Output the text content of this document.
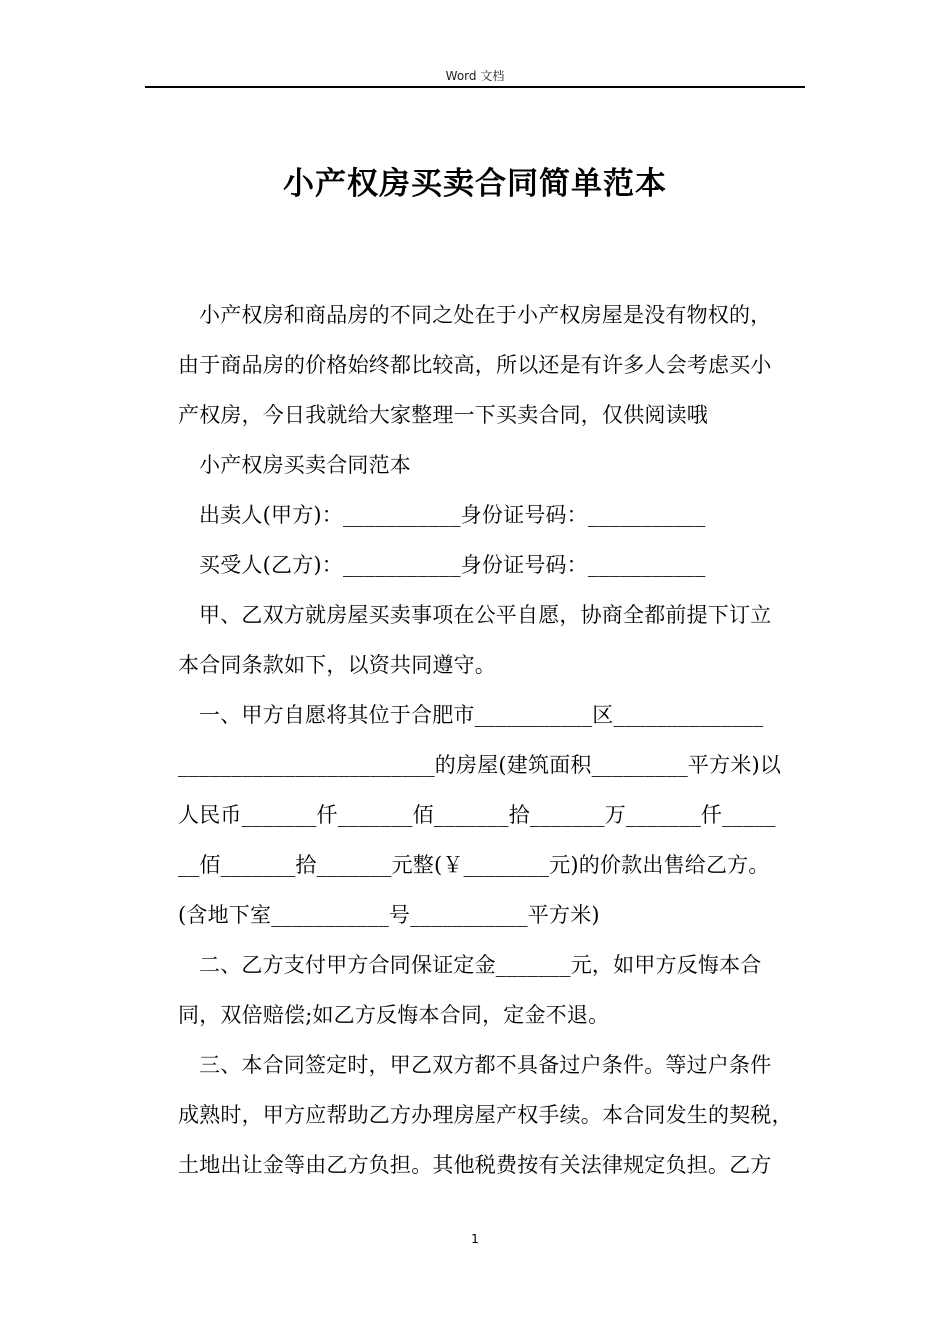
Word 文档
小产权房买卖合同简单范本
小产权房和商品房的不同之处在于小产权房屋是没有物权的，
由于商品房的价格始终都比较高，所以还是有许多人会考虑买小
产权房，今日我就给大家整理一下买卖合同，仅供阅读哦
小产权房买卖合同范本
出卖人(甲方)：___________身份证号码：___________
买受人(乙方)：___________身份证号码：___________
甲、乙双方就房屋买卖事项在公平自愿，协商全都前提下订立
本合同条款如下，以资共同遵守。
一、甲方自愿将其位于合肥市___________区______________
________________________的房屋(建筑面积_________平方米)以
人民币_______仟_______佰_______拾_______万_______仟_____
__佰_______拾_______元整(￥________元)的价款出售给乙方。
(含地下室___________号___________平方米)
二、乙方支付甲方合同保证定金_______元，如甲方反悔本合
同，双倍赔偿;如乙方反悔本合同，定金不退。
三、本合同签定时，甲乙双方都不具备过户条件。等过户条件
成熟时，甲方应帮助乙方办理房屋产权手续。本合同发生的契税，
土地出让金等由乙方负担。其他税费按有关法律规定负担。乙方
1
